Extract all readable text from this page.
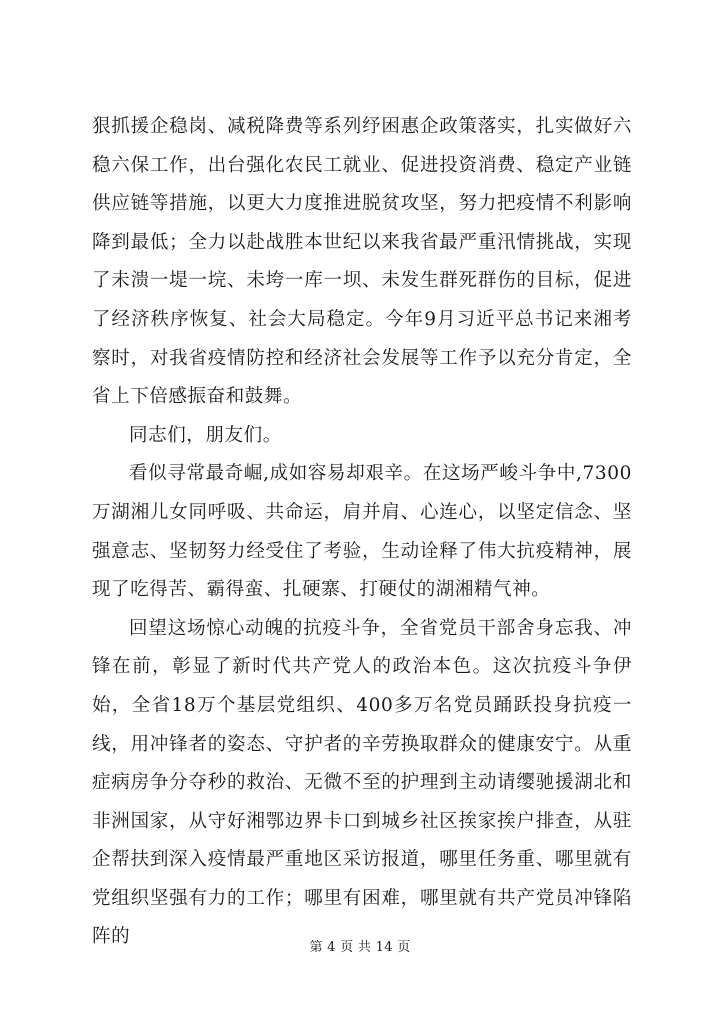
狠抓援企稳岗、减税降费等系列纾困惠企政策落实，扎实做好六稳六保工作，出台强化农民工就业、促进投资消费、稳定产业链供应链等措施，以更大力度推进脱贫攻坚，努力把疫情不利影响降到最低；全力以赴战胜本世纪以来我省最严重汛情挑战，实现了未溃一堤一垸、未垮一库一坝、未发生群死群伤的目标，促进了经济秩序恢复、社会大局稳定。今年9月习近平总书记来湘考察时，对我省疫情防控和经济社会发展等工作予以充分肯定，全省上下倍感振奋和鼓舞。

同志们，朋友们。

看似寻常最奇崛,成如容易却艰辛。在这场严峻斗争中,7300万湖湘儿女同呼吸、共命运，肩并肩、心连心，以坚定信念、坚强意志、坚韧努力经受住了考验，生动诠释了伟大抗疫精神，展现了吃得苦、霸得蛮、扎硬寨、打硬仗的湖湘精气神。

回望这场惊心动魄的抗疫斗争，全省党员干部舍身忘我、冲锋在前，彰显了新时代共产党人的政治本色。这次抗疫斗争伊始，全省18万个基层党组织、400多万名党员踊跃投身抗疫一线，用冲锋者的姿态、守护者的辛劳换取群众的健康安宁。从重症病房争分夺秒的救治、无微不至的护理到主动请缨驰援湖北和非洲国家，从守好湘鄂边界卡口到城乡社区挨家挨户排查，从驻企帮扶到深入疫情最严重地区采访报道，哪里任务重、哪里就有党组织坚强有力的工作；哪里有困难，哪里就有共产党员冲锋陷阵的

第 4 页 共 14 页
